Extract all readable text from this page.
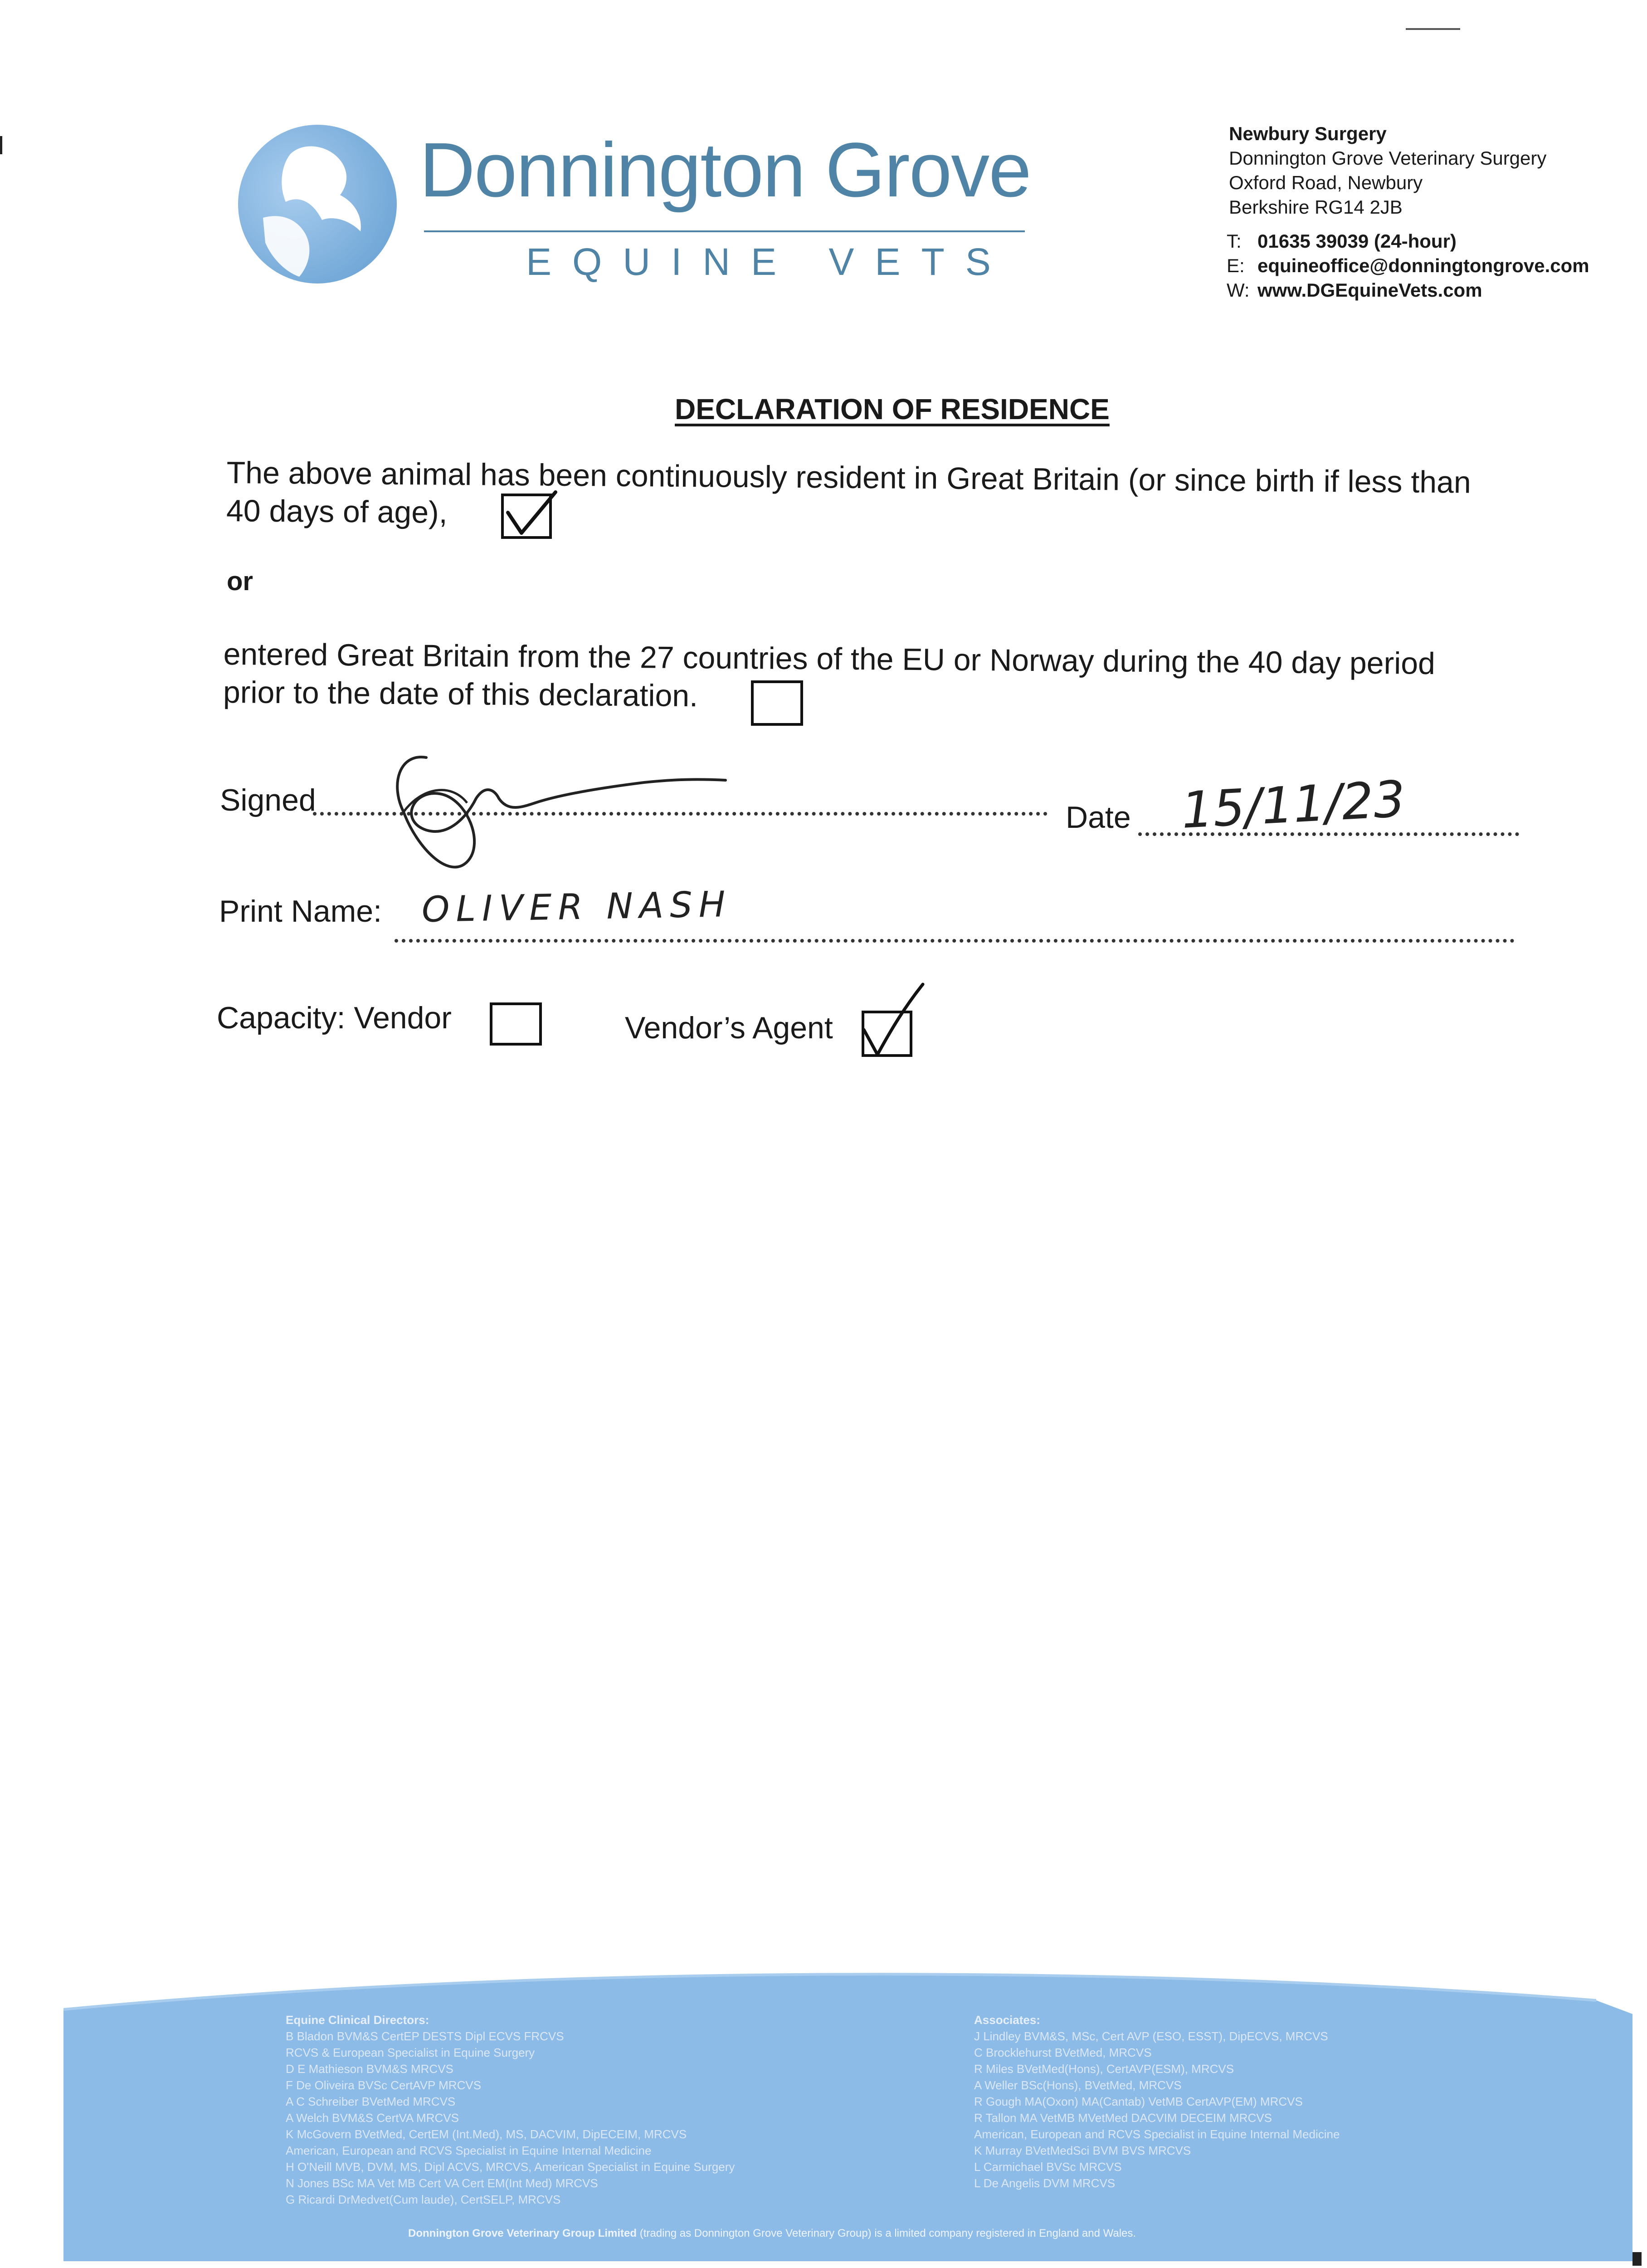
Donnington Grove
EQUINE VETS
Newbury Surgery
Donnington Grove Veterinary Surgery
Oxford Road, Newbury
Berkshire RG14 2JB
T: 01635 39039 (24-hour)
E: equineoffice@donningtongrove.com
W: www.DGEquineVets.com
DECLARATION OF RESIDENCE
The above animal has been continuously resident in Great Britain (or since birth if less than
40 days of age),
or
entered Great Britain from the 27 countries of the EU or Norway during the 40 day period
prior to the date of this declaration.
Signed	Date 15/11/23
Print Name: OLIVER NASH
Capacity: Vendor	Vendor’s Agent
Equine Clinical Directors:
B Bladon BVM&S CertEP DESTS Dipl ECVS FRCVS
RCVS & European Specialist in Equine Surgery
D E Mathieson BVM&S MRCVS
F De Oliveira BVSc CertAVP MRCVS
A C Schreiber BVetMed MRCVS
A Welch BVM&S CertVA MRCVS
K McGovern BVetMed, CertEM (Int.Med), MS, DACVIM, DipECEIM, MRCVS
American, European and RCVS Specialist in Equine Internal Medicine
H O'Neill MVB, DVM, MS, Dipl ACVS, MRCVS, American Specialist in Equine Surgery
N Jones BSc MA Vet MB Cert VA Cert EM(Int Med) MRCVS
G Ricardi DrMedvet(Cum laude), CertSELP, MRCVS
Associates:
J Lindley BVM&S, MSc, Cert AVP (ESO, ESST), DipECVS, MRCVS
C Brocklehurst BVetMed, MRCVS
R Miles BVetMed(Hons), CertAVP(ESM), MRCVS
A Weller BSc(Hons), BVetMed, MRCVS
R Gough MA(Oxon) MA(Cantab) VetMB CertAVP(EM) MRCVS
R Tallon MA VetMB MVetMed DACVIM DECEIM MRCVS
American, European and RCVS Specialist in Equine Internal Medicine
K Murray BVetMedSci BVM BVS MRCVS
L Carmichael BVSc MRCVS
L De Angelis DVM MRCVS
Donnington Grove Veterinary Group Limited (trading as Donnington Grove Veterinary Group) is a limited company registered in England and Wales.
